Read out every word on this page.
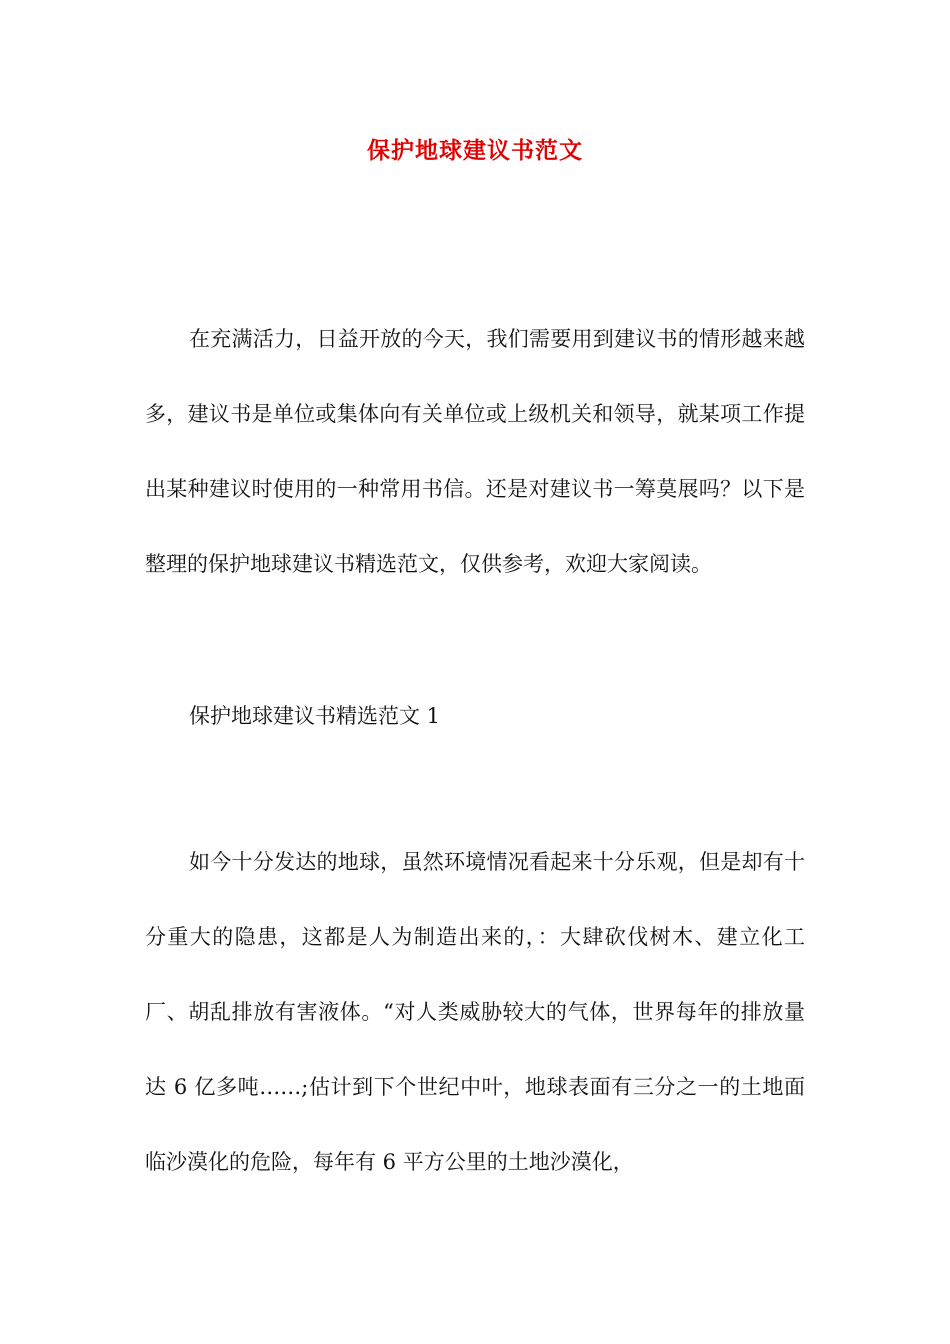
保护地球建议书范文

在充满活力，日益开放的今天，我们需要用到建议书的情形越来越多，建议书是单位或集体向有关单位或上级机关和领导，就某项工作提出某种建议时使用的一种常用书信。还是对建议书一筹莫展吗？以下是整理的保护地球建议书精选范文，仅供参考，欢迎大家阅读。

保护地球建议书精选范文 1

如今十分发达的地球，虽然环境情况看起来十分乐观，但是却有十分重大的隐患，这都是人为制造出来的，：大肆砍伐树木、建立化工厂、胡乱排放有害液体。“对人类威胁较大的气体，世界每年的排放量达 6 亿多吨……;估计到下个世纪中叶，地球表面有三分之一的土地面临沙漠化的危险，每年有 6 平方公里的土地沙漠化，
